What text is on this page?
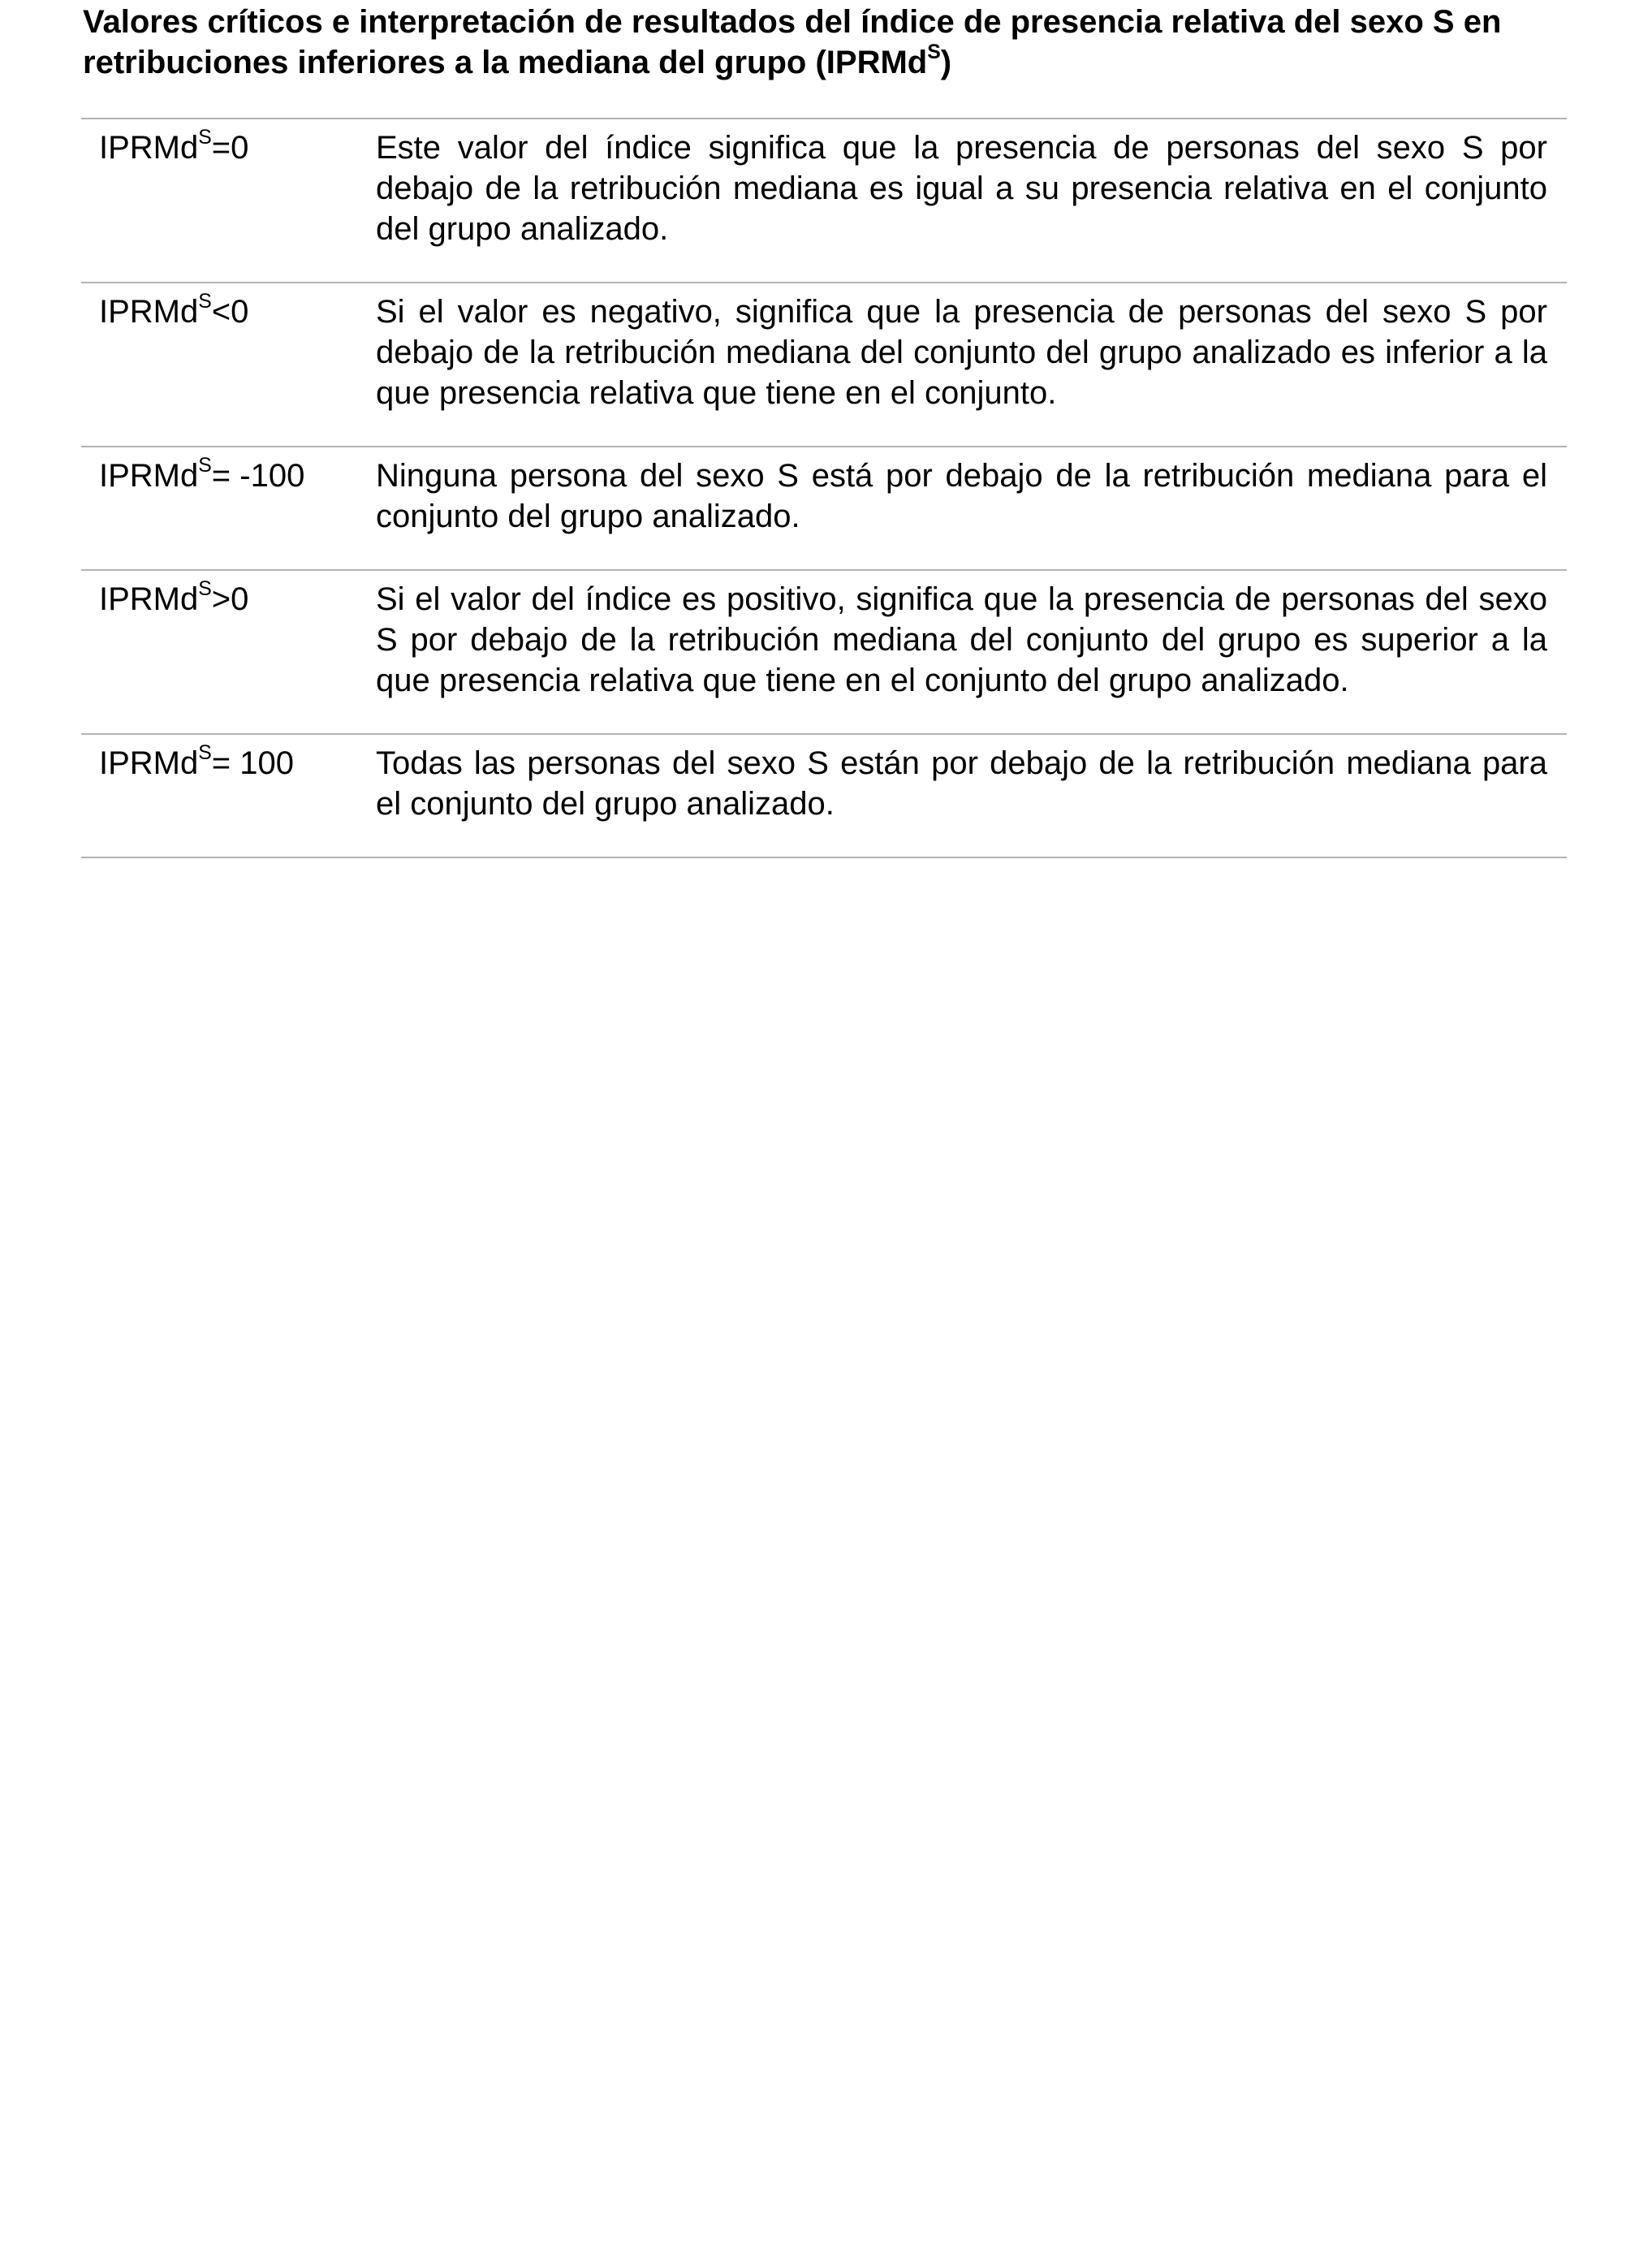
Valores críticos e interpretación de resultados del índice de presencia relativa del sexo S en retribuciones inferiores a la mediana del grupo (IPRMd$^S$)
IPRMd$^S$=0	Este valor del índice significa que la presencia de personas del sexo S por debajo de la retribución mediana es igual a su presencia relativa en el conjunto del grupo analizado.
IPRMd$^S$<0	Si el valor es negativo, significa que la presencia de personas del sexo S por debajo de la retribución mediana del conjunto del grupo analizado es inferior a la que presencia relativa que tiene en el conjunto.
IPRMd$^S$= -100	Ninguna persona del sexo S está por debajo de la retribución mediana para el conjunto del grupo analizado.
IPRMd$^S$>0	Si el valor del índice es positivo, significa que la presencia de personas del sexo S por debajo de la retribución mediana del conjunto del grupo es superior a la que presencia relativa que tiene en el conjunto del grupo analizado.
IPRMd$^S$= 100	Todas las personas del sexo S están por debajo de la retribución mediana para el conjunto del grupo analizado.
